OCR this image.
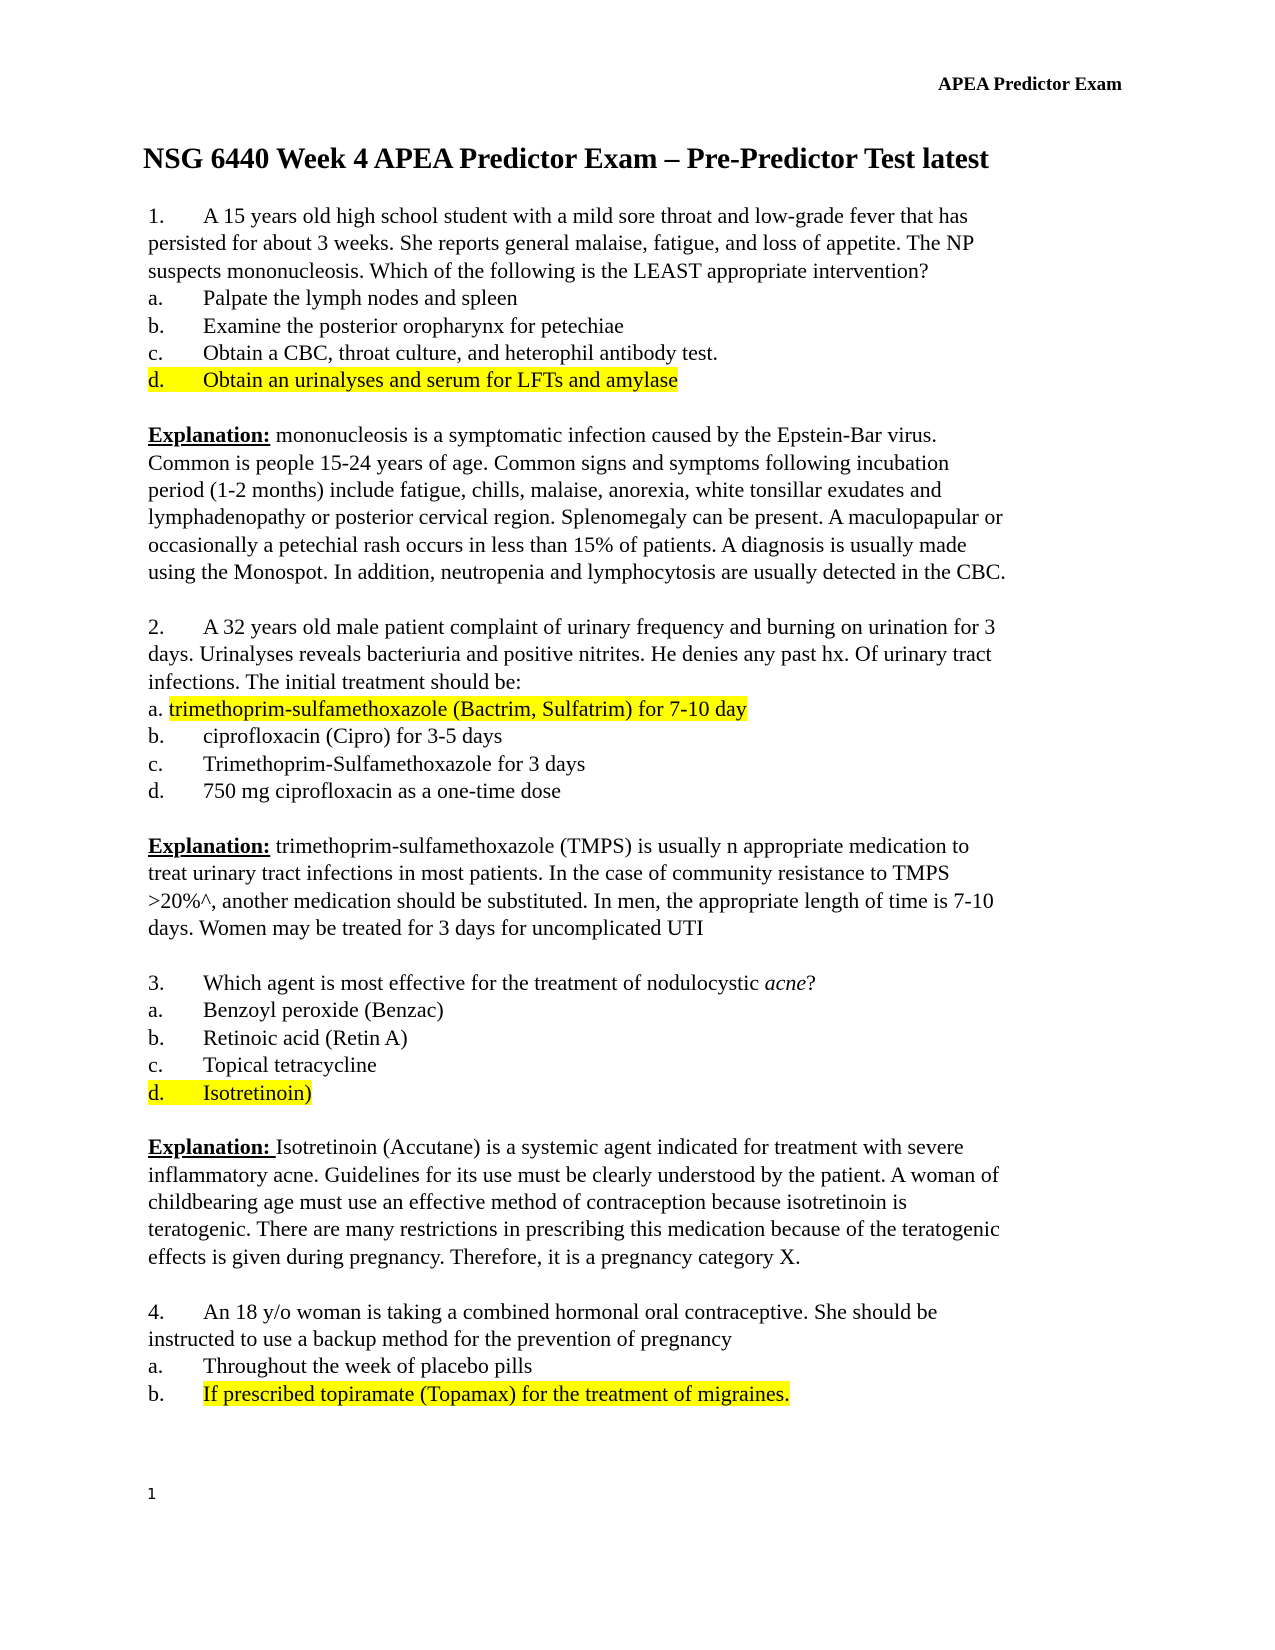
APEA Predictor Exam
NSG 6440 Week 4 APEA Predictor Exam – Pre-Predictor Test latest
1. A 15 years old high school student with a mild sore throat and low-grade fever that has
persisted for about 3 weeks. She reports general malaise, fatigue, and loss of appetite. The NP
suspects mononucleosis. Which of the following is the LEAST appropriate intervention?
a. Palpate the lymph nodes and spleen
b. Examine the posterior oropharynx for petechiae
c. Obtain a CBC, throat culture, and heterophil antibody test.
d. Obtain an urinalyses and serum for LFTs and amylase
Explanation: mononucleosis is a symptomatic infection caused by the Epstein-Bar virus.
Common is people 15-24 years of age. Common signs and symptoms following incubation
period (1-2 months) include fatigue, chills, malaise, anorexia, white tonsillar exudates and
lymphadenopathy or posterior cervical region. Splenomegaly can be present. A maculopapular or
occasionally a petechial rash occurs in less than 15% of patients. A diagnosis is usually made
using the Monospot. In addition, neutropenia and lymphocytosis are usually detected in the CBC.
2. A 32 years old male patient complaint of urinary frequency and burning on urination for 3
days. Urinalyses reveals bacteriuria and positive nitrites. He denies any past hx. Of urinary tract
infections. The initial treatment should be:
a. trimethoprim-sulfamethoxazole (Bactrim, Sulfatrim) for 7-10 day
b. ciprofloxacin (Cipro) for 3-5 days
c. Trimethoprim-Sulfamethoxazole for 3 days
d. 750 mg ciprofloxacin as a one-time dose
Explanation: trimethoprim-sulfamethoxazole (TMPS) is usually n appropriate medication to
treat urinary tract infections in most patients. In the case of community resistance to TMPS
>20%^, another medication should be substituted. In men, the appropriate length of time is 7-10
days. Women may be treated for 3 days for uncomplicated UTI
3. Which agent is most effective for the treatment of nodulocystic acne?
a. Benzoyl peroxide (Benzac)
b. Retinoic acid (Retin A)
c. Topical tetracycline
d. Isotretinoin)
Explanation: Isotretinoin (Accutane) is a systemic agent indicated for treatment with severe
inflammatory acne. Guidelines for its use must be clearly understood by the patient. A woman of
childbearing age must use an effective method of contraception because isotretinoin is
teratogenic. There are many restrictions in prescribing this medication because of the teratogenic
effects is given during pregnancy. Therefore, it is a pregnancy category X.
4. An 18 y/o woman is taking a combined hormonal oral contraceptive. She should be
instructed to use a backup method for the prevention of pregnancy
a. Throughout the week of placebo pills
b. If prescribed topiramate (Topamax) for the treatment of migraines.
1
